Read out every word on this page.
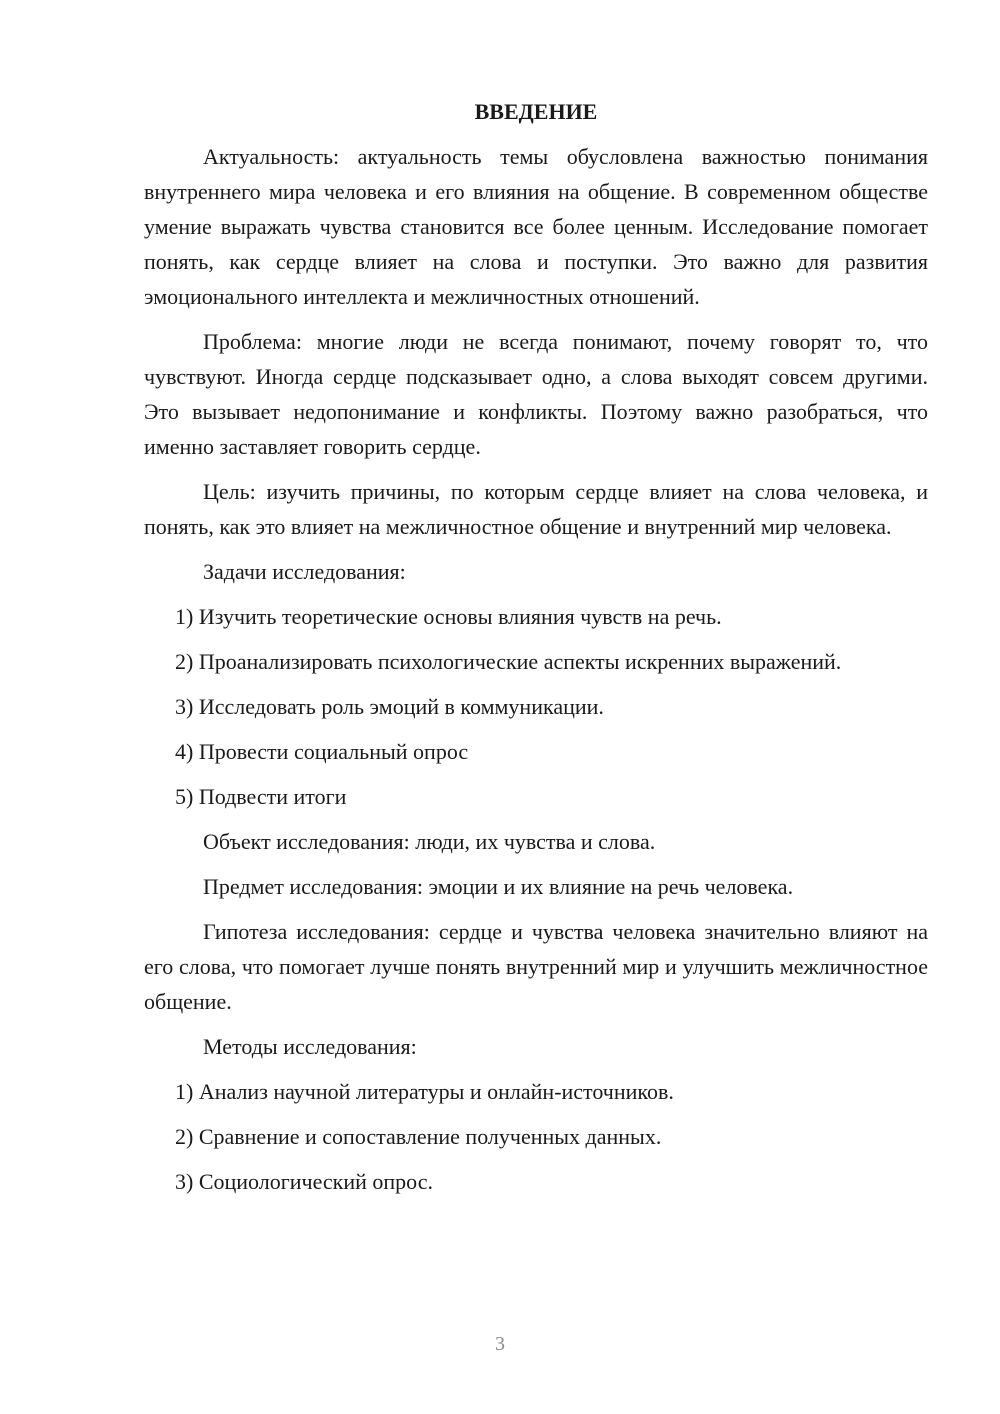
ВВЕДЕНИЕ

Актуальность: актуальность темы обусловлена важностью понимания внутреннего мира человека и его влияния на общение. В современном обществе умение выражать чувства становится все более ценным. Исследование помогает понять, как сердце влияет на слова и поступки. Это важно для развития эмоционального интеллекта и межличностных отношений.

Проблема: многие люди не всегда понимают, почему говорят то, что чувствуют. Иногда сердце подсказывает одно, а слова выходят совсем другими. Это вызывает недопонимание и конфликты. Поэтому важно разобраться, что именно заставляет говорить сердце.

Цель: изучить причины, по которым сердце влияет на слова человека, и понять, как это влияет на межличностное общение и внутренний мир человека.

Задачи исследования:

1) Изучить теоретические основы влияния чувств на речь.

2) Проанализировать психологические аспекты искренних выражений.

3) Исследовать роль эмоций в коммуникации.

4) Провести социальный опрос

5) Подвести итоги

Объект исследования: люди, их чувства и слова.

Предмет исследования: эмоции и их влияние на речь человека.

Гипотеза исследования: сердце и чувства человека значительно влияют на его слова, что помогает лучше понять внутренний мир и улучшить межличностное общение.

Методы исследования:

1) Анализ научной литературы и онлайн-источников.

2) Сравнение и сопоставление полученных данных.

3) Социологический опрос.

3
